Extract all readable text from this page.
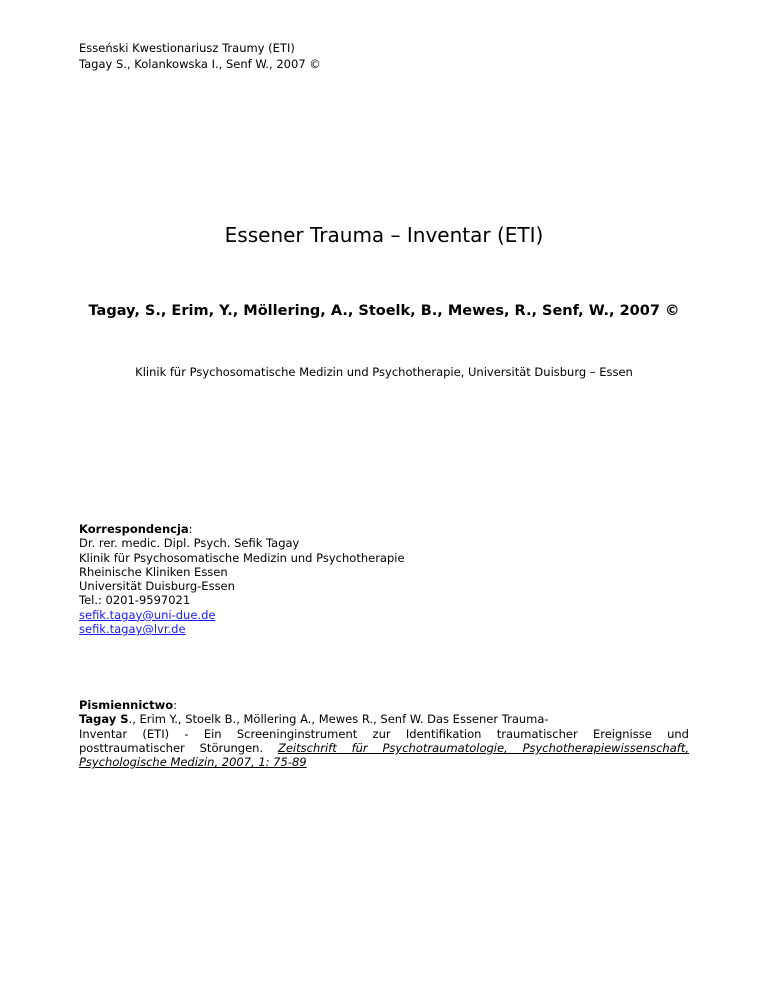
Esseński Kwestionariusz Traumy (ETI)
Tagay S., Kolankowska I., Senf W., 2007 ©
Essener Trauma – Inventar (ETI)
Tagay, S., Erim, Y., Möllering, A., Stoelk, B., Mewes, R., Senf, W., 2007 ©
Klinik für Psychosomatische Medizin und Psychotherapie, Universität Duisburg – Essen
Korrespondencja:
Dr. rer. medic. Dipl. Psych. Sefik Tagay
Klinik für Psychosomatische Medizin und Psychotherapie
Rheinische Kliniken Essen
Universität Duisburg-Essen
Tel.: 0201-9597021
sefik.tagay@uni-due.de
sefik.tagay@lvr.de
Pismiennictwo:
Tagay S., Erim Y., Stoelk B., Möllering A., Mewes R., Senf W. Das Essener Trauma-
Inventar (ETI) - Ein Screeninginstrument zur Identifikation traumatischer Ereignisse und
posttraumatischer Störungen. Zeitschrift für Psychotraumatologie, Psychotherapiewissenschaft,
Psychologische Medizin, 2007, 1: 75-89
